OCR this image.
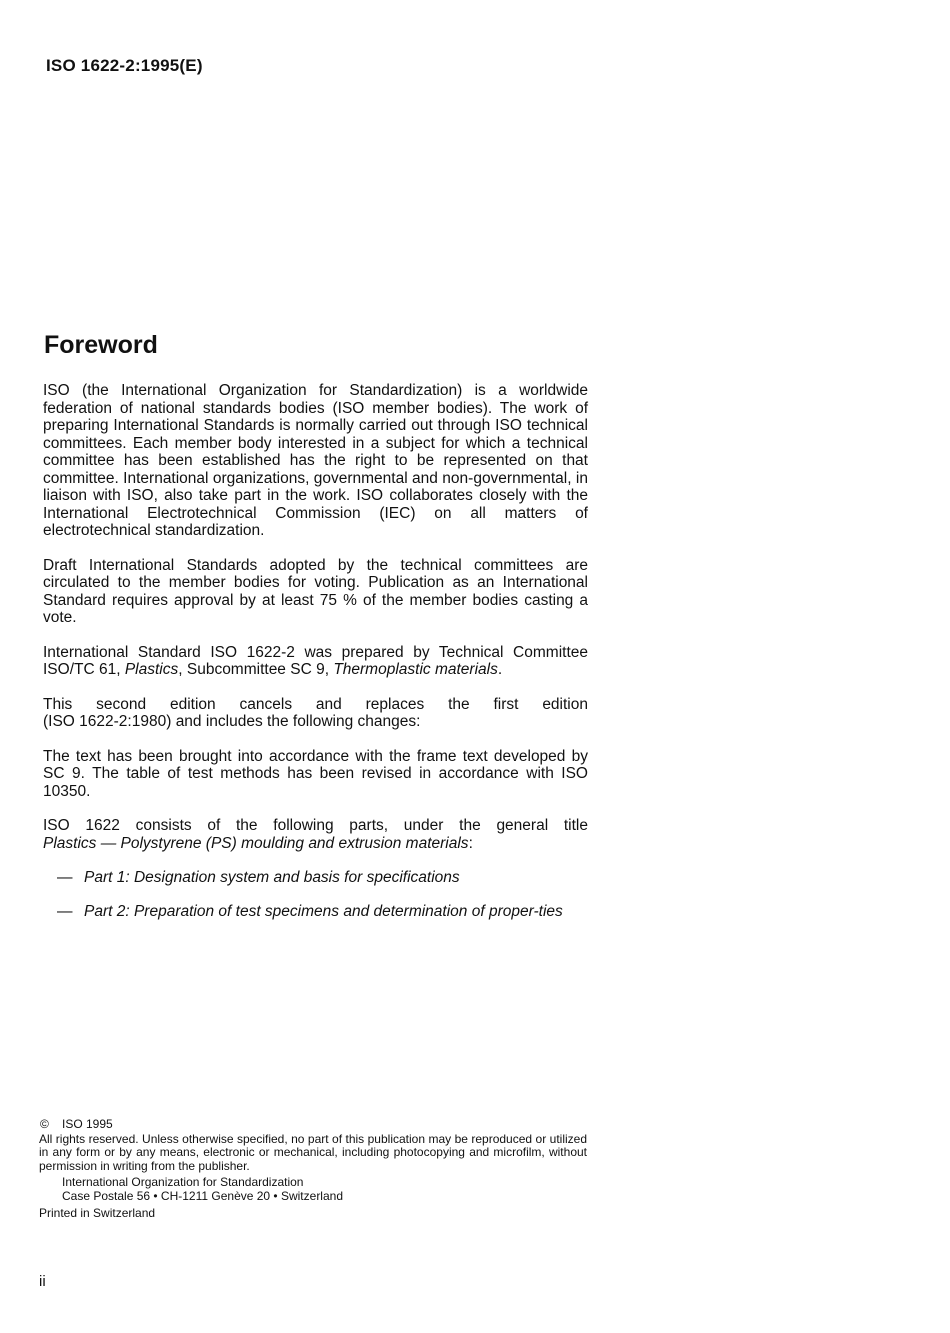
ISO 1622-2:1995(E)
Foreword

ISO (the International Organization for Standardization) is a worldwide federation of national standards bodies (ISO member bodies). The work of preparing International Standards is normally carried out through ISO technical committees. Each member body interested in a subject for which a technical committee has been established has the right to be represented on that committee. International organizations, governmental and non-governmental, in liaison with ISO, also take part in the work. ISO collaborates closely with the International Electrotechnical Commission (IEC) on all matters of electrotechnical standardization.

Draft International Standards adopted by the technical committees are circulated to the member bodies for voting. Publication as an International Standard requires approval by at least 75 % of the member bodies casting a vote.

International Standard ISO 1622-2 was prepared by Technical Committee ISO/TC 61, Plastics, Subcommittee SC 9, Thermoplastic materials.

This second edition cancels and replaces the first edition
(ISO 1622-2:1980) and includes the following changes:

The text has been brought into accordance with the frame text developed by SC 9. The table of test methods has been revised in accordance with ISO 10350.

ISO 1622 consists of the following parts, under the general title
Plastics — Polystyrene (PS) moulding and extrusion materials:

— Part 1: Designation system and basis for specifications
— Part 2: Preparation of test specimens and determination of proper-ties
© ISO 1995
All rights reserved. Unless otherwise specified, no part of this publication may be reproduced or utilized in any form or by any means, electronic or mechanical, including photocopying and microfilm, without permission in writing from the publisher.
International Organization for Standardization
Case Postale 56 • CH-1211 Genève 20 • Switzerland
Printed in Switzerland
ii
